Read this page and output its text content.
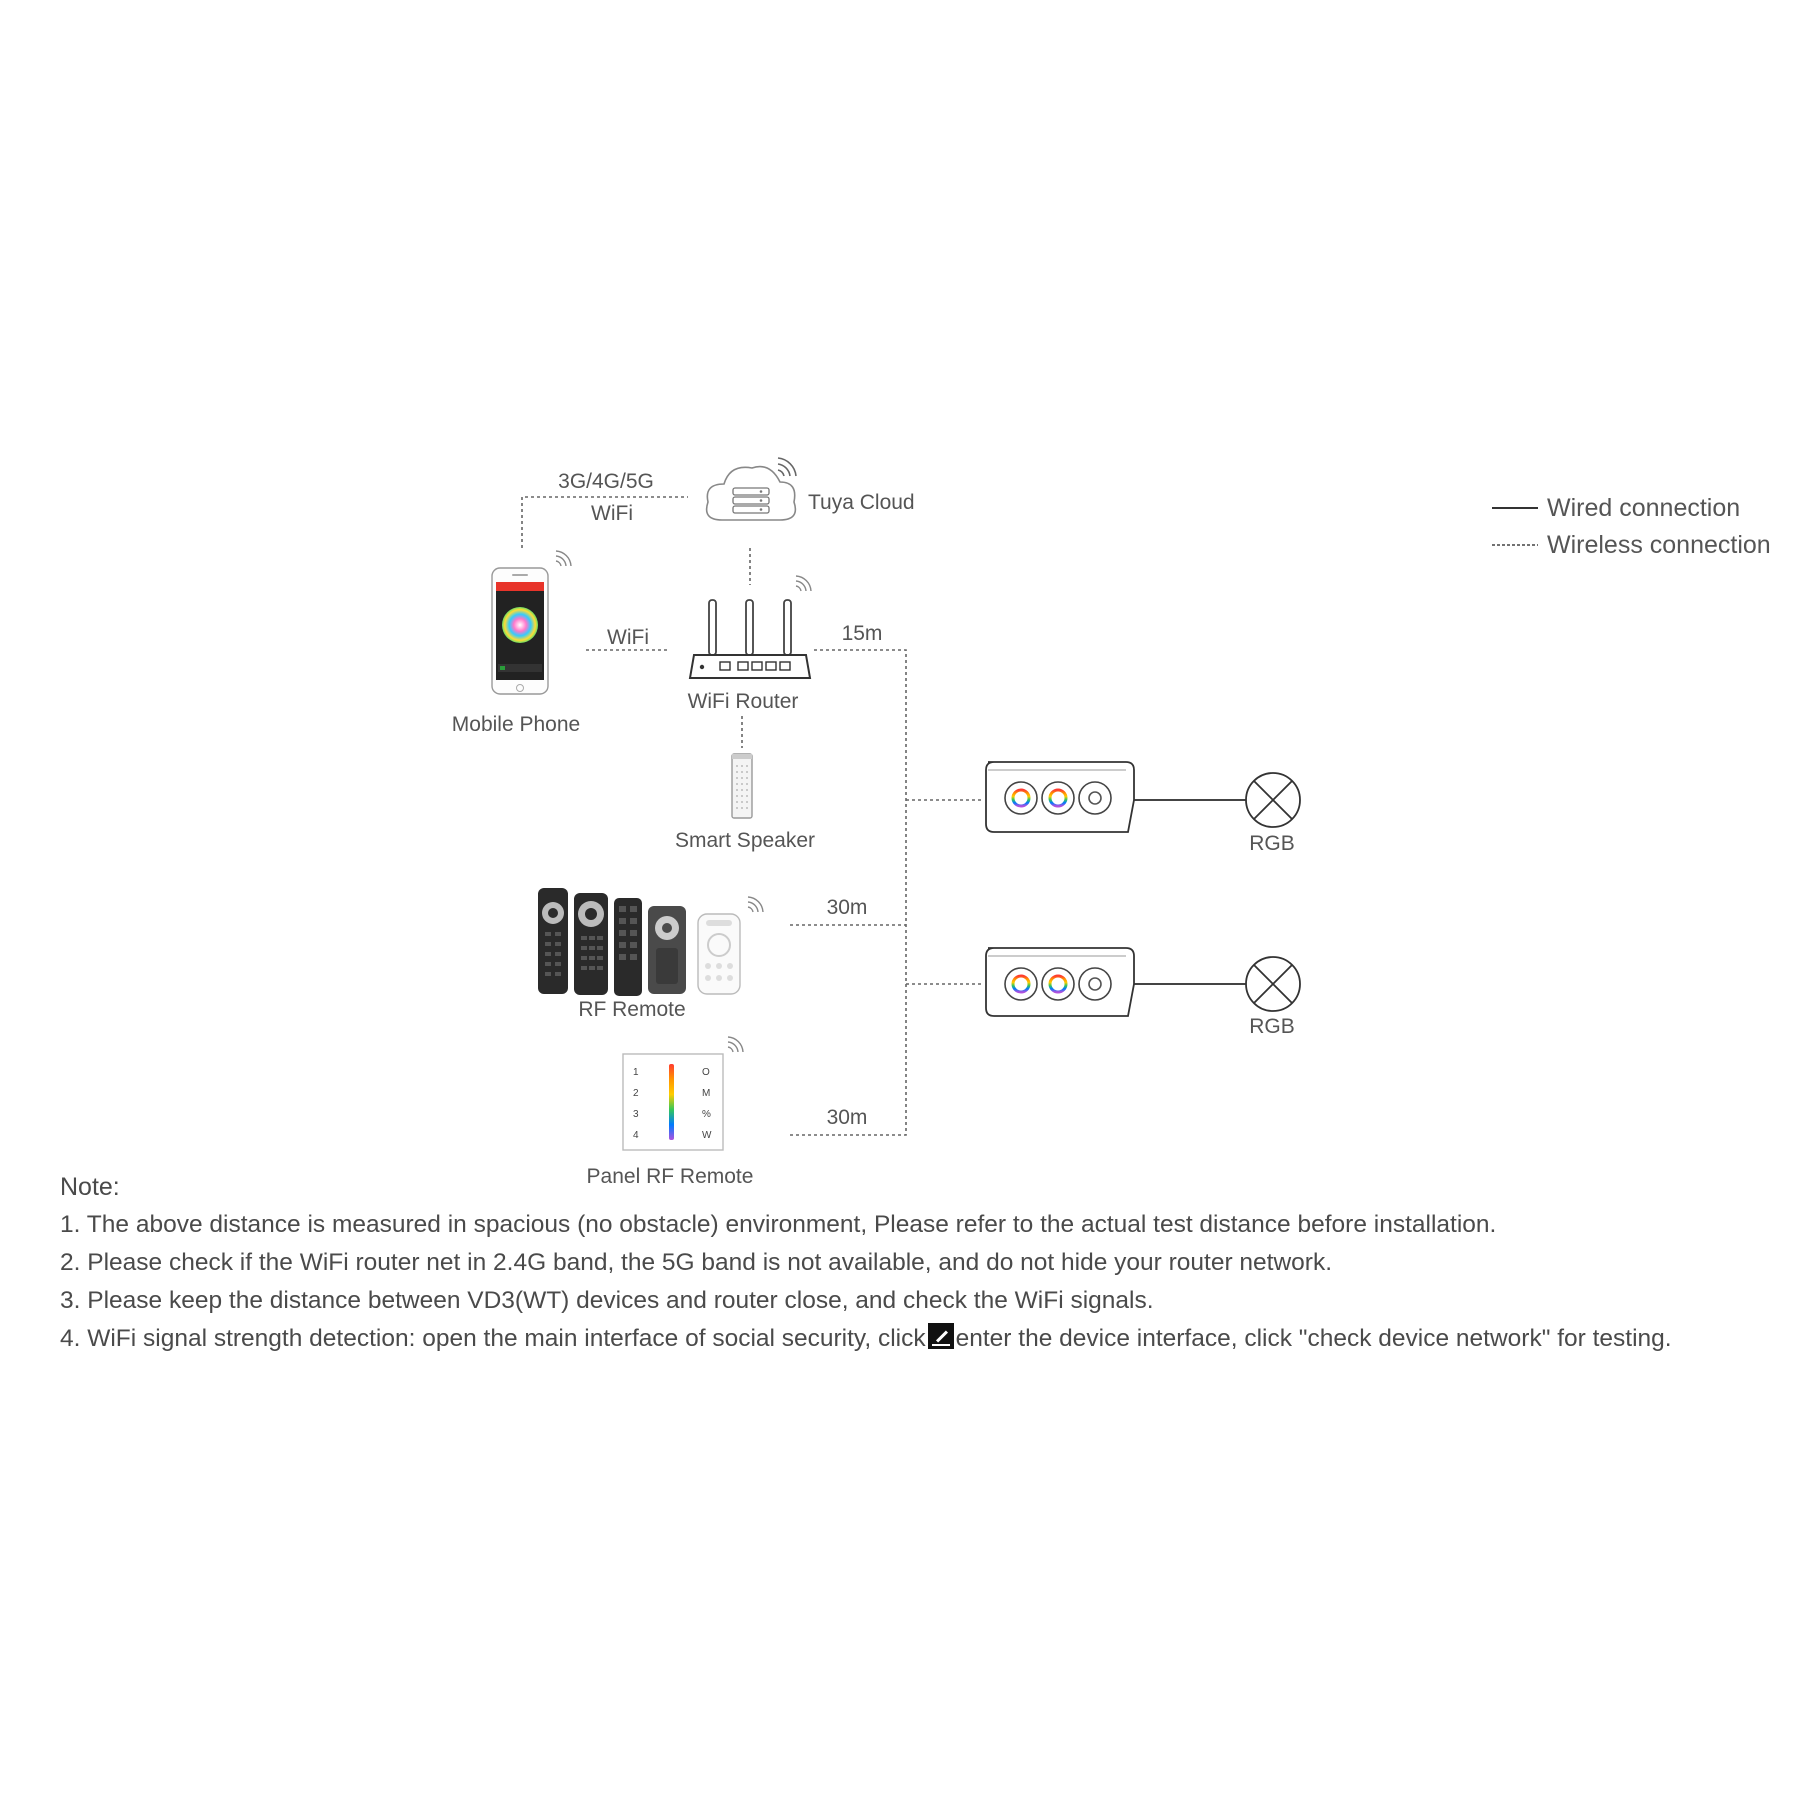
1
2
3
4
O
M
%
W
Wired connection
Wireless connection
3G/4G/5G
WiFi	Tuya Cloud
WiFi	15m
Mobile Phone
WiFi Router
Smart Speaker
30m
RF Remote
30m
Panel RF Remote
RGB
RGB
Note:
1. The above distance is measured in spacious (no obstacle) environment, Please refer to the actual test distance before installation.
2. Please check if the WiFi router net in 2.4G band, the 5G band is not available, and do not hide your router network.
3. Please keep the distance between VD3(WT) devices and router close, and check the WiFi signals.
4. WiFi signal strength detection: open the main interface of social security, click enter the device interface, click "check device network" for testing.
